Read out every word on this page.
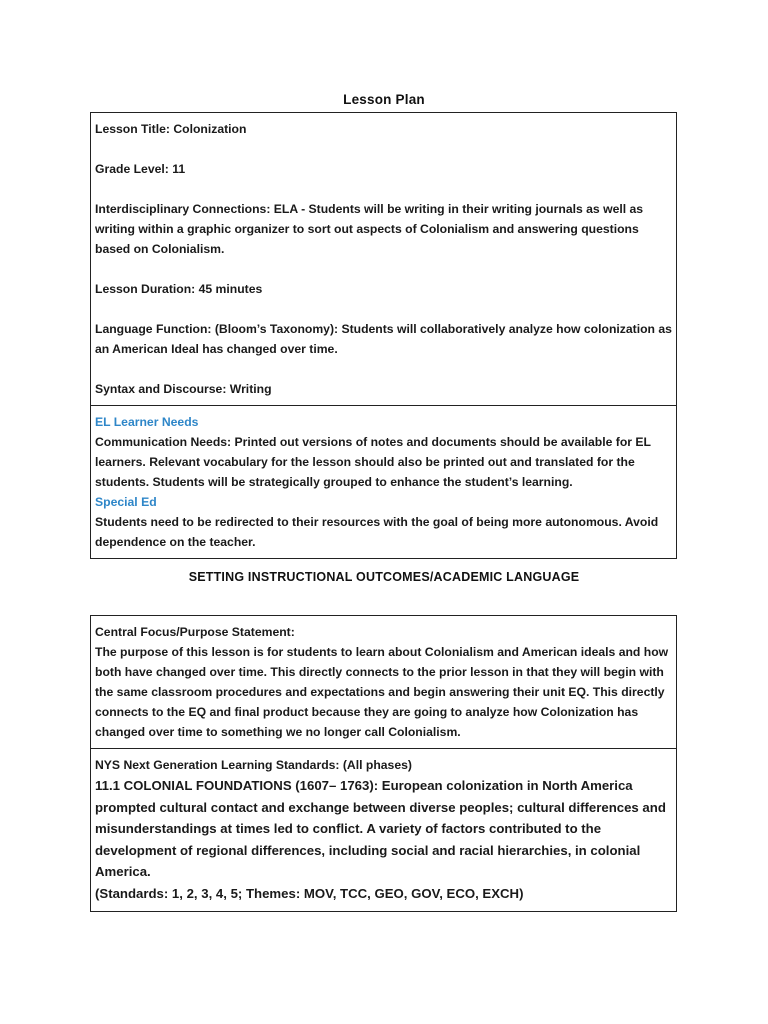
Lesson Plan

Lesson Title: Colonization

Grade Level: 11

Interdisciplinary Connections: ELA - Students will be writing in their writing journals as well as writing within a graphic organizer to sort out aspects of Colonialism and answering questions based on Colonialism.

Lesson Duration: 45 minutes

Language Function: (Bloom’s Taxonomy): Students will collaboratively analyze how colonization as an American Ideal has changed over time.

Syntax and Discourse: Writing

EL Learner Needs

Communication Needs: Printed out versions of notes and documents should be available for EL learners. Relevant vocabulary for the lesson should also be printed out and translated for the students. Students will be strategically grouped to enhance the student’s learning.

Special Ed

Students need to be redirected to their resources with the goal of being more autonomous. Avoid dependence on the teacher.

SETTING INSTRUCTIONAL OUTCOMES/ACADEMIC LANGUAGE

Central Focus/Purpose Statement:

The purpose of this lesson is for students to learn about Colonialism and American ideals and how both have changed over time. This directly connects to the prior lesson in that they will begin with the same classroom procedures and expectations and begin answering their unit EQ. This directly connects to the EQ and final product because they are going to analyze how Colonization has changed over time to something we no longer call Colonialism.

NYS Next Generation Learning Standards: (All phases)

11.1 COLONIAL FOUNDATIONS (1607– 1763): European colonization in North America prompted cultural contact and exchange between diverse peoples; cultural differences and misunderstandings at times led to conflict. A variety of factors contributed to the development of regional differences, including social and racial hierarchies, in colonial America.

(Standards: 1, 2, 3, 4, 5; Themes: MOV, TCC, GEO, GOV, ECO, EXCH)
